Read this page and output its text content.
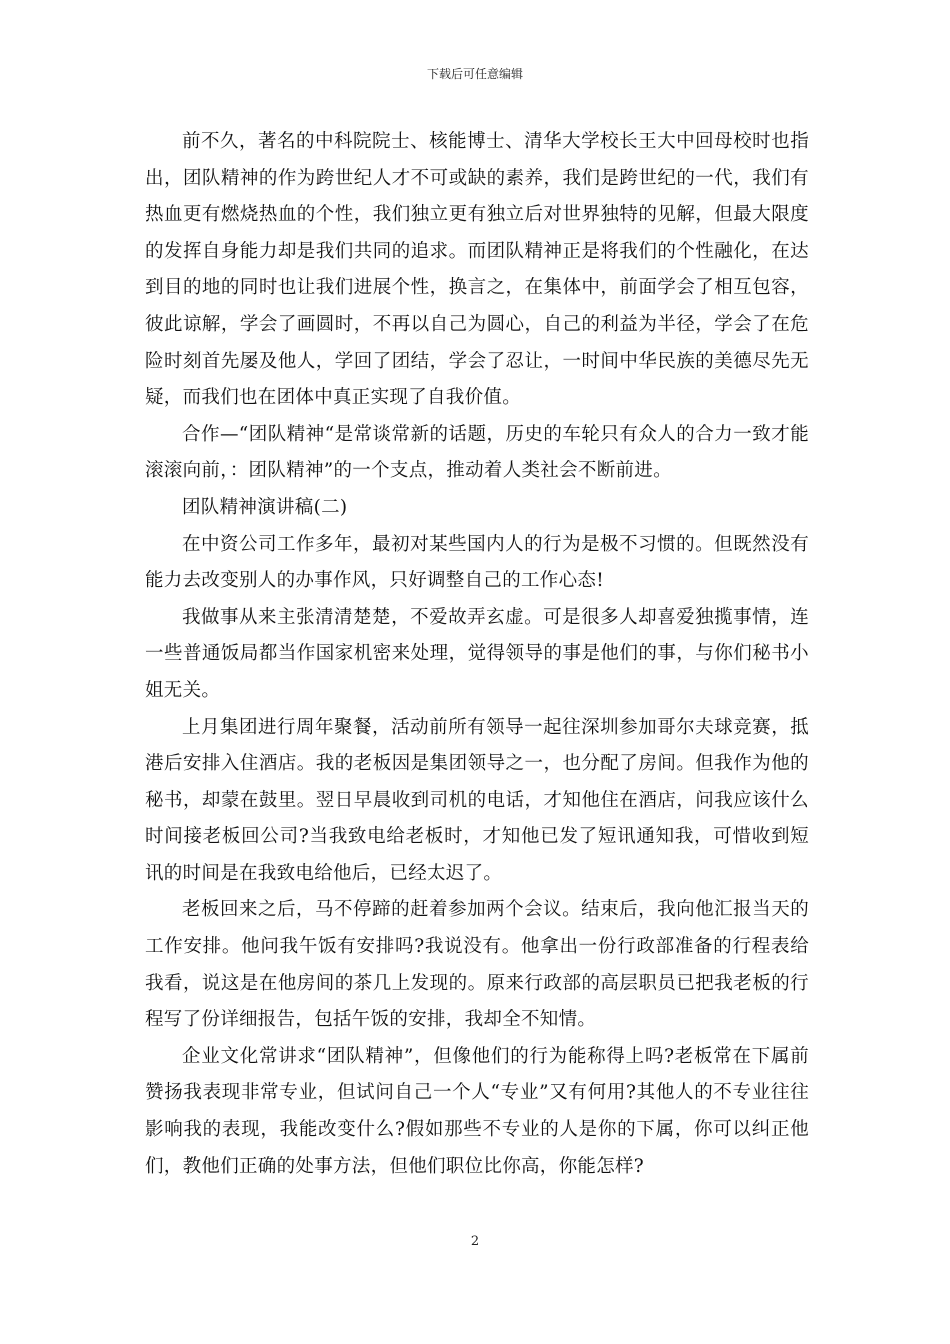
下载后可任意编辑

前不久，著名的中科院院士、核能博士、清华大学校长王大中回母校时也指出，团队精神的作为跨世纪人才不可或缺的素养，我们是跨世纪的一代，我们有热血更有燃烧热血的个性，我们独立更有独立后对世界独特的见解，但最大限度的发挥自身能力却是我们共同的追求。而团队精神正是将我们的个性融化，在达到目的地的同时也让我们进展个性，换言之，在集体中，前面学会了相互包容，彼此谅解，学会了画圆时，不再以自己为圆心，自己的利益为半径，学会了在危险时刻首先屡及他人，学回了团结，学会了忍让，一时间中华民族的美德尽先无疑，而我们也在团体中真正实现了自我价值。

合作—“团队精神“是常谈常新的话题，历史的车轮只有众人的合力一致才能滚滚向前，：团队精神”的一个支点，推动着人类社会不断前进。

团队精神演讲稿(二)

在中资公司工作多年，最初对某些国内人的行为是极不习惯的。但既然没有能力去改变别人的办事作风，只好调整自己的工作心态!

我做事从来主张清清楚楚，不爱故弄玄虚。可是很多人却喜爱独揽事情，连一些普通饭局都当作国家机密来处理，觉得领导的事是他们的事，与你们秘书小姐无关。

上月集团进行周年聚餐，活动前所有领导一起往深圳参加哥尔夫球竞赛，抵港后安排入住酒店。我的老板因是集团领导之一，也分配了房间。但我作为他的秘书，却蒙在鼓里。翌日早晨收到司机的电话，才知他住在酒店，问我应该什么时间接老板回公司?当我致电给老板时，才知他已发了短讯通知我，可惜收到短讯的时间是在我致电给他后，已经太迟了。

老板回来之后，马不停蹄的赶着参加两个会议。结束后，我向他汇报当天的工作安排。他问我午饭有安排吗?我说没有。他拿出一份行政部准备的行程表给我看，说这是在他房间的茶几上发现的。原来行政部的高层职员已把我老板的行程写了份详细报告，包括午饭的安排，我却全不知情。

企业文化常讲求“团队精神”，但像他们的行为能称得上吗?老板常在下属前赞扬我表现非常专业，但试问自己一个人“专业”又有何用?其他人的不专业往往影响我的表现，我能改变什么?假如那些不专业的人是你的下属，你可以纠正他们，教他们正确的处事方法，但他们职位比你高，你能怎样?

2
